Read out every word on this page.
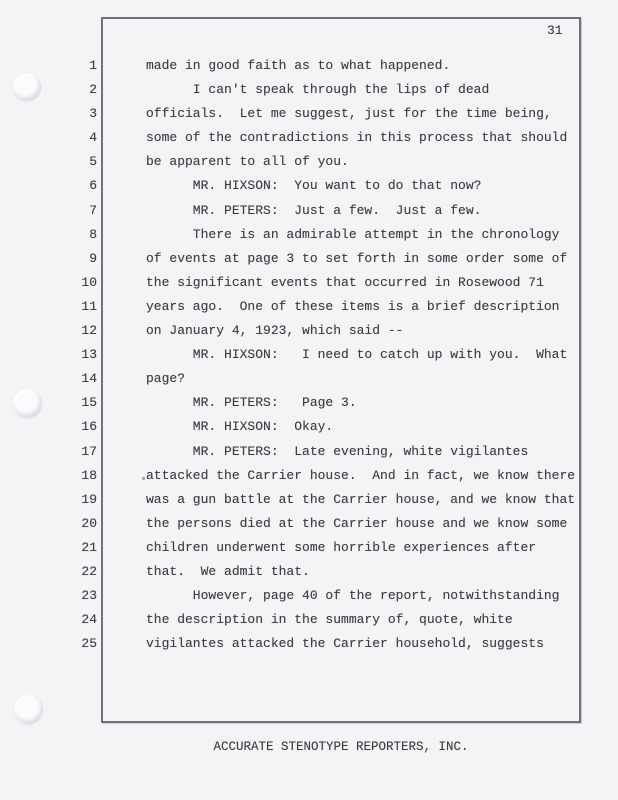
31
1	made in good faith as to what happened.
2	I can't speak through the lips of dead
3	officials.  Let me suggest, just for the time being,
4	some of the contradictions in this process that should
5	be apparent to all of you.
6	MR. HIXSON:  You want to do that now?
7	MR. PETERS:  Just a few.  Just a few.
8	There is an admirable attempt in the chronology
9	of events at page 3 to set forth in some order some of
10	the significant events that occurred in Rosewood 71
11	years ago.  One of these items is a brief description
12	on January 4, 1923, which said --
13	MR. HIXSON:   I need to catch up with you.  What
14	page?
15	MR. PETERS:   Page 3.
16	MR. HIXSON:  Okay.
17	MR. PETERS:  Late evening, white vigilantes
18	attacked the Carrier house.  And in fact, we know there
19	was a gun battle at the Carrier house, and we know that
20	the persons died at the Carrier house and we know some
21	children underwent some horrible experiences after
22	that.  We admit that.
23	However, page 40 of the report, notwithstanding
24	the description in the summary of, quote, white
25	vigilantes attacked the Carrier household, suggests
ACCURATE STENOTYPE REPORTERS, INC.
